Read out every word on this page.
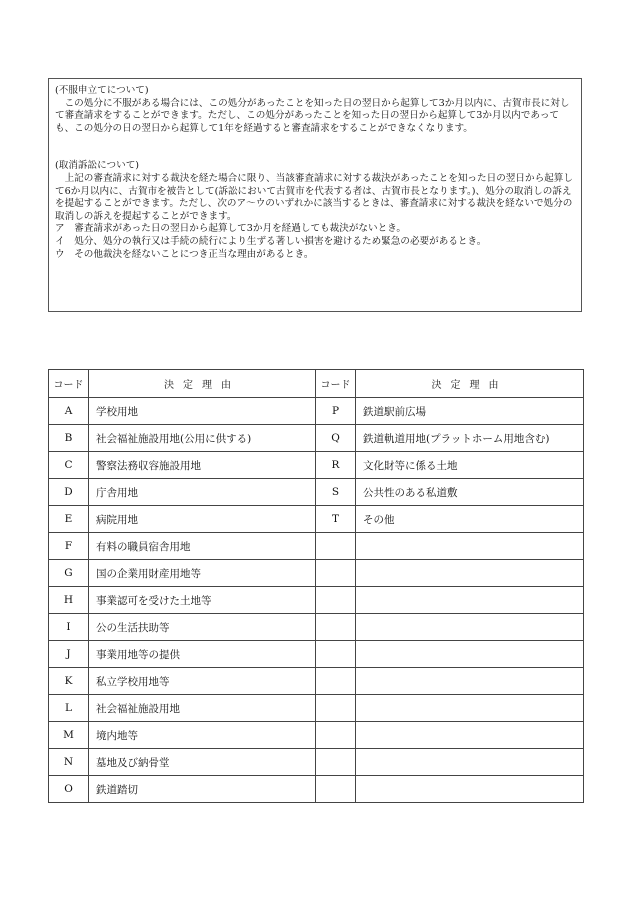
(不服申立てについて)

この処分に不服がある場合には、この処分があったことを知った日の翌日から起算して3か月以内に、古賀市長に対して審査請求をすることができます。ただし、この処分があったことを知った日の翌日から起算して3か月以内であっても、この処分の日の翌日から起算して1年を経過すると審査請求をすることができなくなります。

(取消訴訟について)

上記の審査請求に対する裁決を経た場合に限り、当該審査請求に対する裁決があったことを知った日の翌日から起算して6か月以内に、古賀市を被告として(訴訟において古賀市を代表する者は、古賀市長となります。)、処分の取消しの訴えを提起することができます。ただし、次のア～ウのいずれかに該当するときは、審査請求に対する裁決を経ないで処分の取消しの訴えを提起することができます。

ア 審査請求があった日の翌日から起算して3か月を経過しても裁決がないとき。

イ 処分、処分の執行又は手続の続行により生ずる著しい損害を避けるため緊急の必要があるとき。

ウ その他裁決を経ないことにつき正当な理由があるとき。

コード	決定理由	コード	決定理由
A	学校用地	P	鉄道駅前広場
B	社会福祉施設用地(公用に供する)	Q	鉄道軌道用地(プラットホーム用地含む)
C	警察法務収容施設用地	R	文化財等に係る土地
D	庁舎用地	S	公共性のある私道敷
E	病院用地	T	その他
F	有料の職員宿舎用地		
G	国の企業用財産用地等		
H	事業認可を受けた土地等		
I	公の生活扶助等		
J	事業用地等の提供		
K	私立学校用地等		
L	社会福祉施設用地		
M	境内地等		
N	墓地及び納骨堂		
O	鉄道踏切		
